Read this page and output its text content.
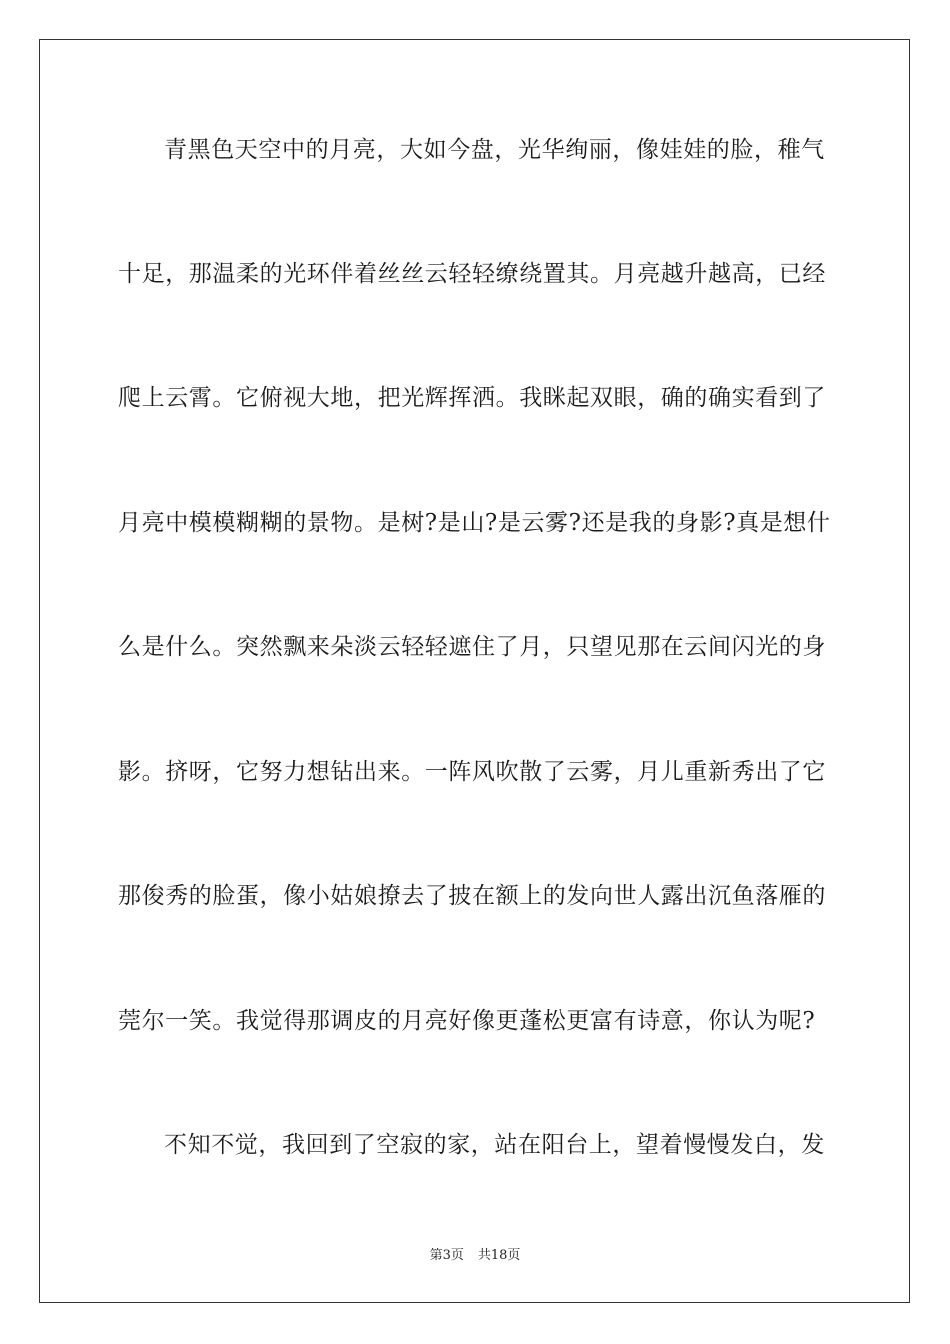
青黑色天空中的月亮，大如今盘，光华绚丽，像娃娃的脸，稚气
十足，那温柔的光环伴着丝丝云轻轻缭绕置其。月亮越升越高，已经
爬上云霄。它俯视大地，把光辉挥洒。我眯起双眼，确的确实看到了
月亮中模模糊糊的景物。是树?是山?是云雾?还是我的身影?真是想什
么是什么。突然飘来朵淡云轻轻遮住了月，只望见那在云间闪光的身
影。挤呀，它努力想钻出来。一阵风吹散了云雾，月儿重新秀出了它
那俊秀的脸蛋，像小姑娘撩去了披在额上的发向世人露出沉鱼落雁的
莞尔一笑。我觉得那调皮的月亮好像更蓬松更富有诗意，你认为呢?
不知不觉，我回到了空寂的家，站在阳台上，望着慢慢发白，发
第3页 共18页
